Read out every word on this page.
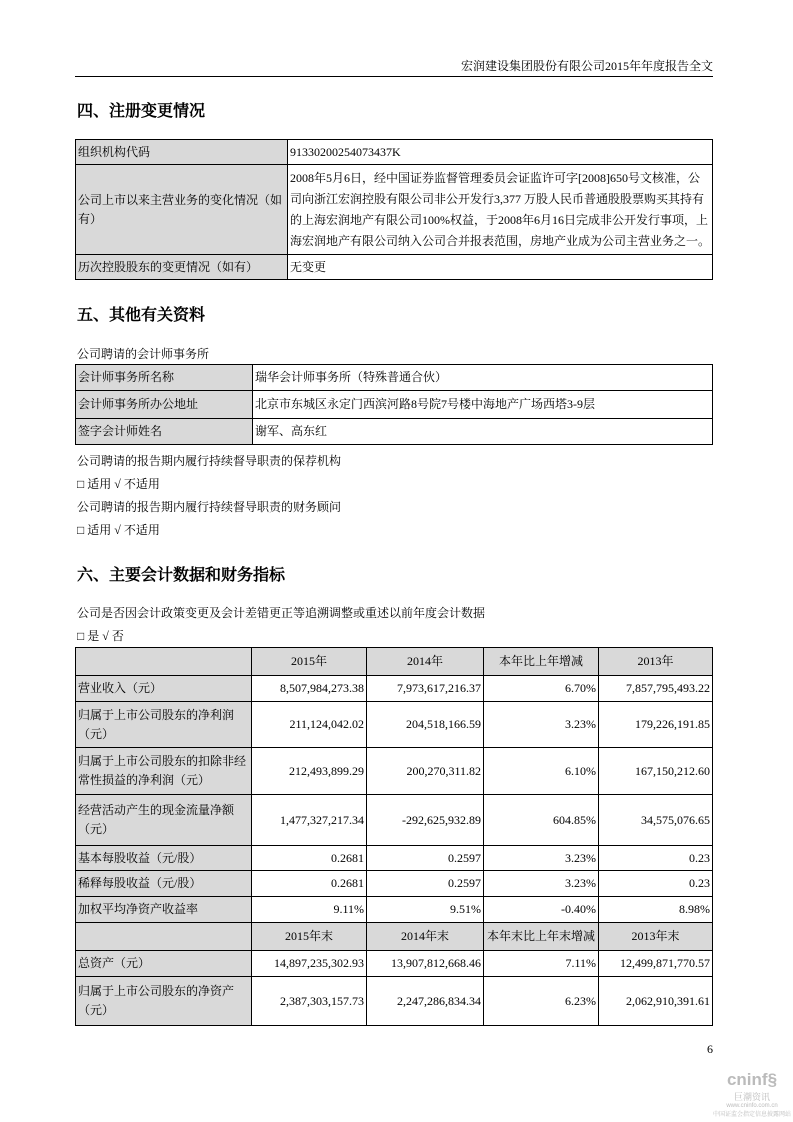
宏润建设集团股份有限公司2015年年度报告全文
四、注册变更情况
组织机构代码	91330200254073437K
公司上市以来主营业务的变化情况（如有）	2008年5月6日，经中国证券监督管理委员会证监许可字[2008]650号文核准，公司向浙江宏润控股有限公司非公开发行3,377 万股人民币普通股股票购买其持有的上海宏润地产有限公司100%权益，于2008年6月16日完成非公开发行事项，上海宏润地产有限公司纳入公司合并报表范围，房地产业成为公司主营业务之一。
历次控股股东的变更情况（如有）	无变更
五、其他有关资料
公司聘请的会计师事务所
会计师事务所名称	瑞华会计师事务所（特殊普通合伙）
会计师事务所办公地址	北京市东城区永定门西滨河路8号院7号楼中海地产广场西塔3-9层
签字会计师姓名	谢军、高东红
公司聘请的报告期内履行持续督导职责的保荐机构
□ 适用 √ 不适用
公司聘请的报告期内履行持续督导职责的财务顾问
□ 适用 √ 不适用
六、主要会计数据和财务指标
公司是否因会计政策变更及会计差错更正等追溯调整或重述以前年度会计数据
□ 是 √ 否
	2015年	2014年	本年比上年增减	2013年
营业收入（元）	8,507,984,273.38	7,973,617,216.37	6.70%	7,857,795,493.22
归属于上市公司股东的净利润（元）	211,124,042.02	204,518,166.59	3.23%	179,226,191.85
归属于上市公司股东的扣除非经常性损益的净利润（元）	212,493,899.29	200,270,311.82	6.10%	167,150,212.60
经营活动产生的现金流量净额（元）	1,477,327,217.34	-292,625,932.89	604.85%	34,575,076.65
基本每股收益（元/股）	0.2681	0.2597	3.23%	0.23
稀释每股收益（元/股）	0.2681	0.2597	3.23%	0.23
加权平均净资产收益率	9.11%	9.51%	-0.40%	8.98%
	2015年末	2014年末	本年末比上年末增减	2013年末
总资产（元）	14,897,235,302.93	13,907,812,668.46	7.11%	12,499,871,770.57
归属于上市公司股东的净资产（元）	2,387,303,157.73	2,247,286,834.34	6.23%	2,062,910,391.61
6
cninf§
巨潮资讯
www.cninfo.com.cn
中国证监会指定信息披露网站
